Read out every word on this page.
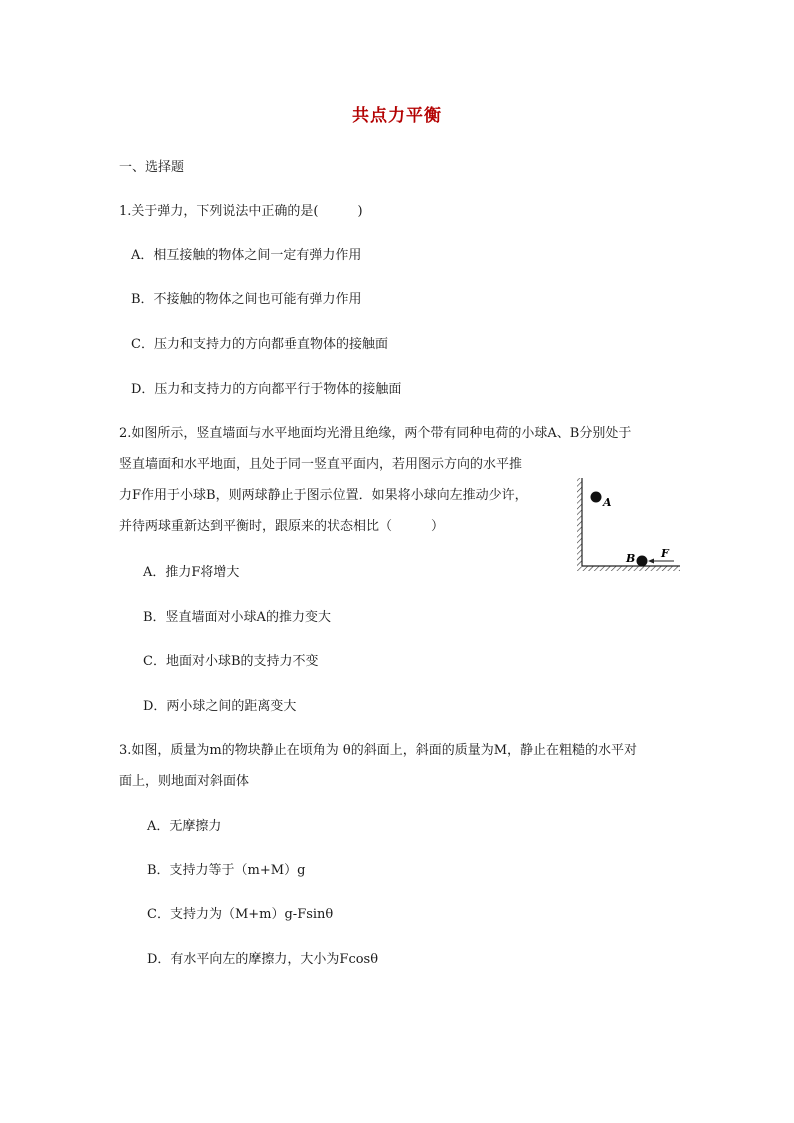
共点力平衡
一、选择题
1.关于弹力，下列说法中正确的是(　　　)
A．相互接触的物体之间一定有弹力作用
B．不接触的物体之间也可能有弹力作用
C．压力和支持力的方向都垂直物体的接触面
D．压力和支持力的方向都平行于物体的接触面
2.如图所示，竖直墙面与水平地面均光滑且绝缘，两个带有同种电荷的小球A、B分别处于
竖直墙面和水平地面，且处于同一竖直平面内，若用图示方向的水平推
力F作用于小球B，则两球静止于图示位置．如果将小球向左推动少许，
并待两球重新达到平衡时，跟原来的状态相比（　　　）
A．推力F将增大
B．竖直墙面对小球A的推力变大
C．地面对小球B的支持力不变
D．两小球之间的距离变大
A
B F
3.如图，质量为m的物块静止在顷角为 θ的斜面上，斜面的质量为M，静止在粗糙的水平对
面上，则地面对斜面体
A．无摩擦力
B．支持力等于（m+M）g
C．支持力为（M+m）g-Fsinθ
D．有水平向左的摩擦力，大小为Fcosθ
